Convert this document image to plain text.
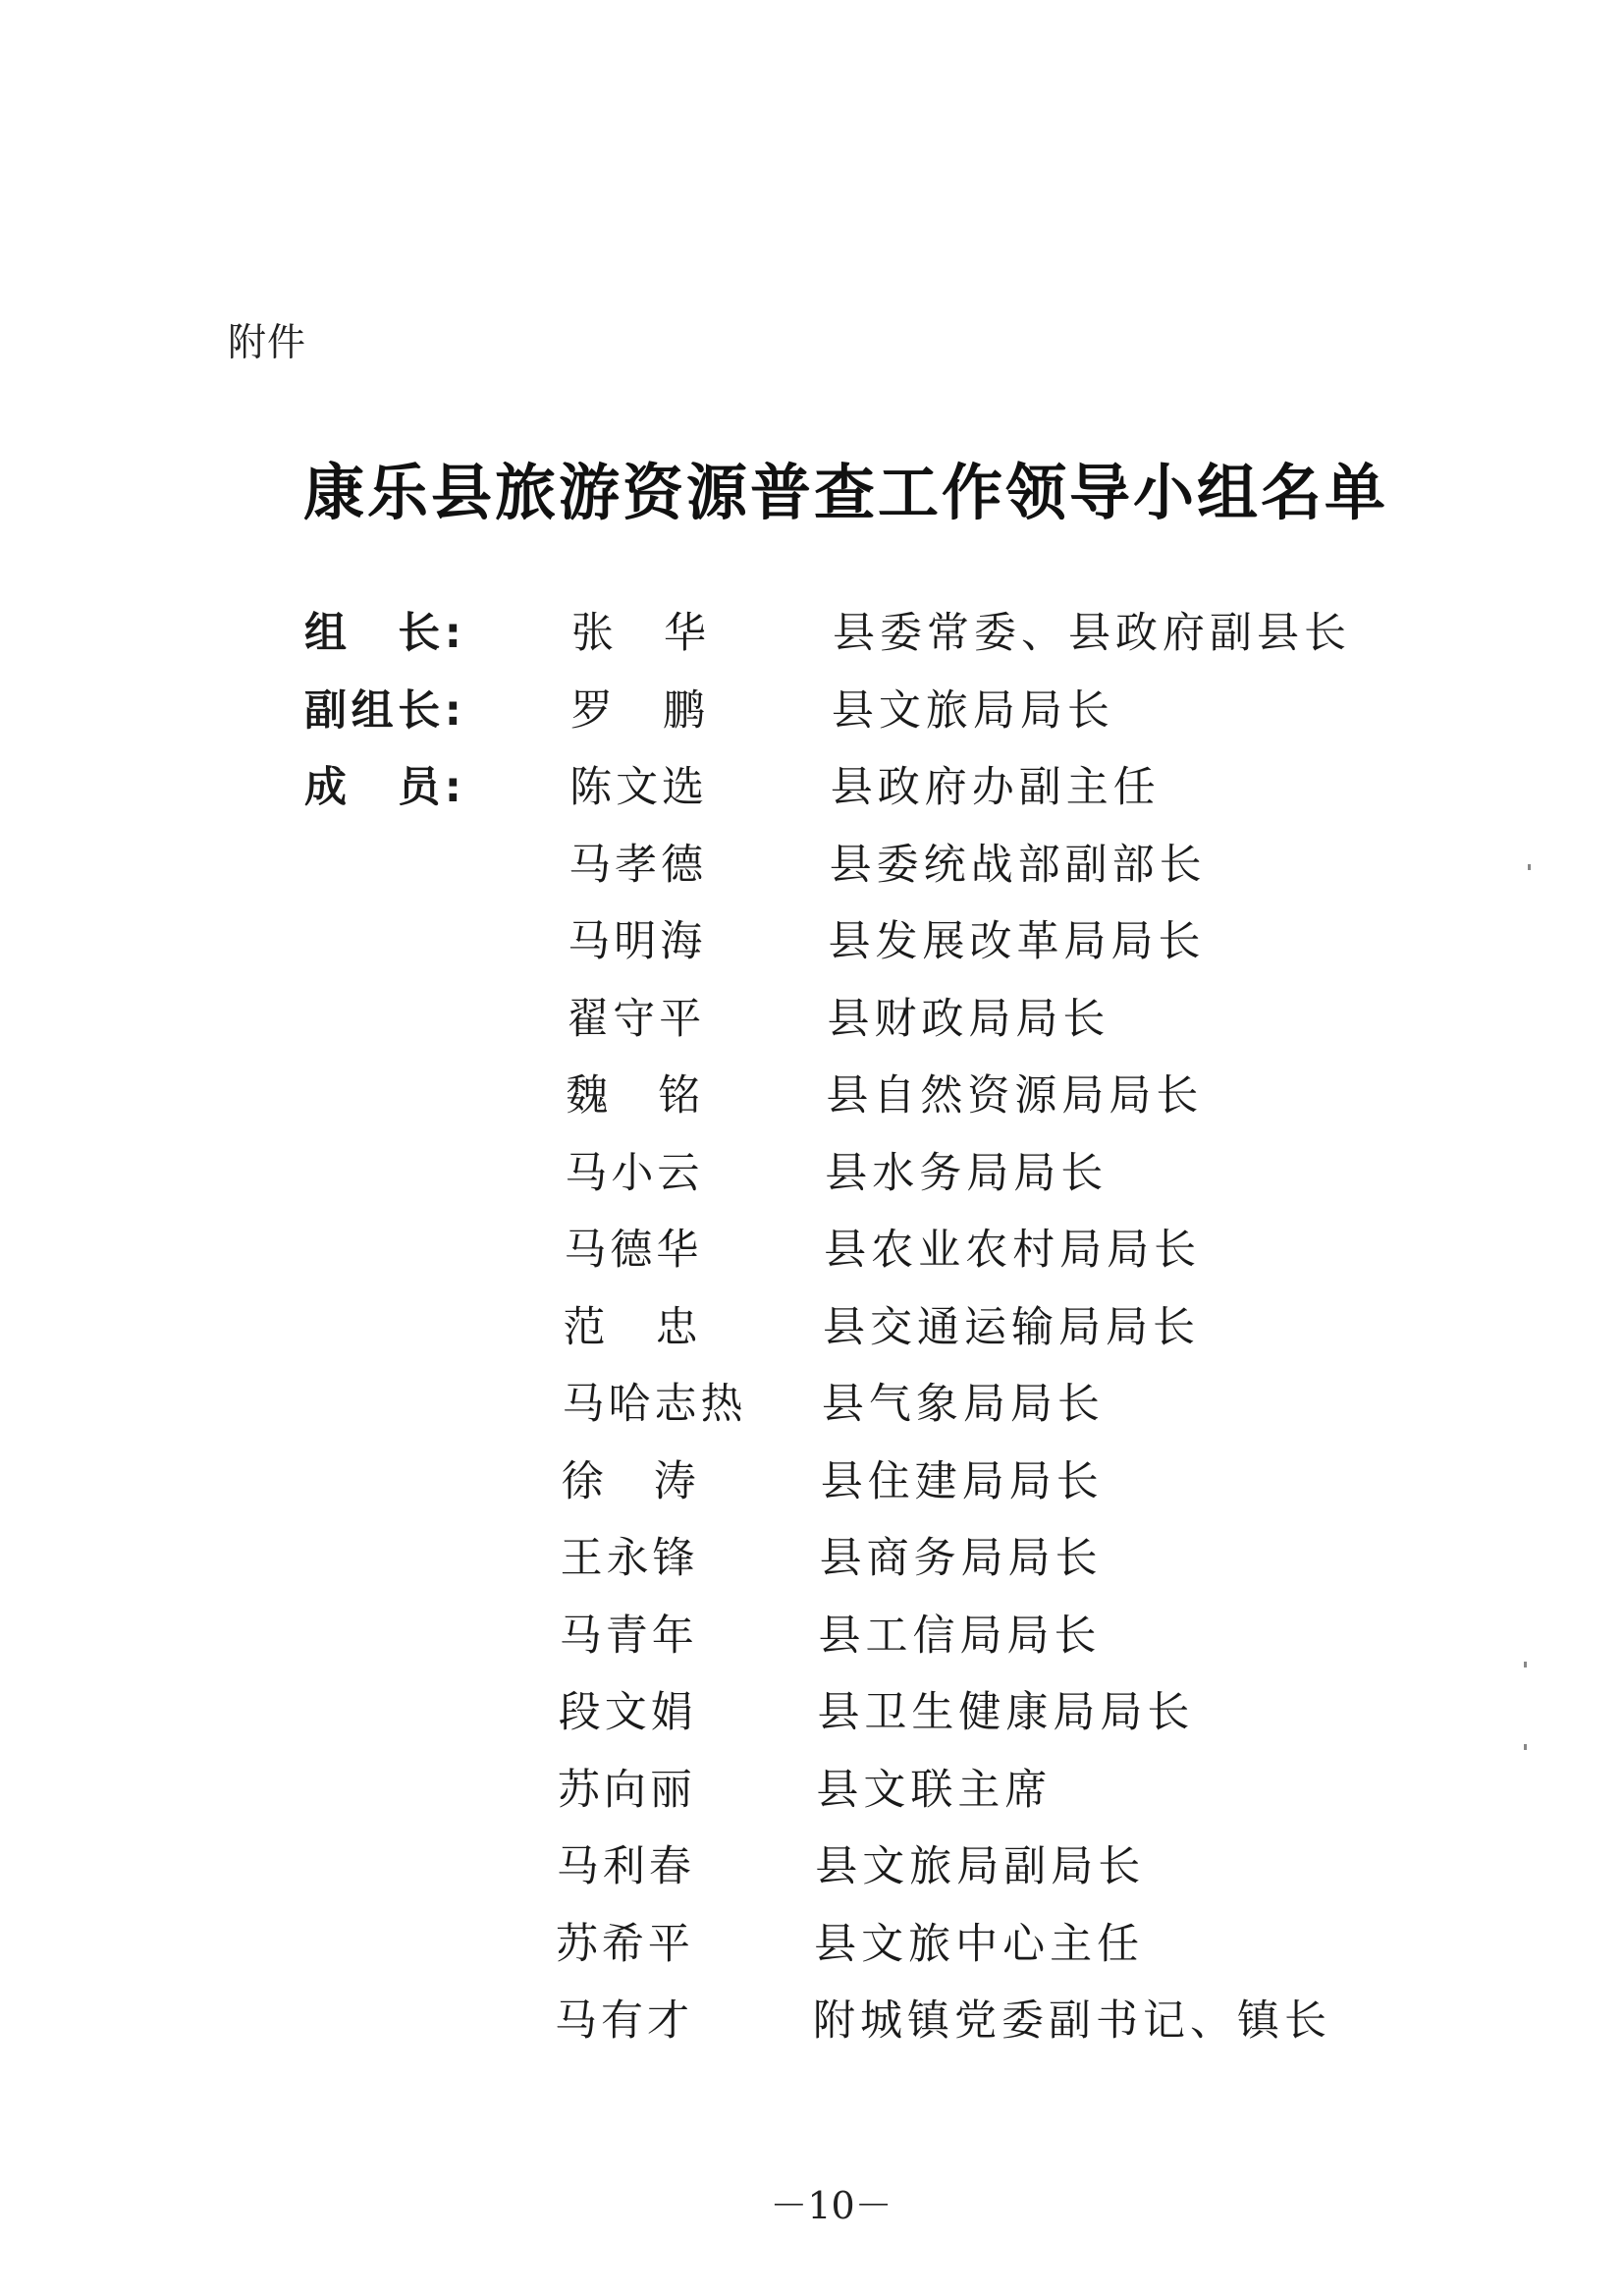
附件
康乐县旅游资源普查工作领导小组名单
组　长:	张　华	县委常委、县政府副县长
副组长:	罗　鹏	县文旅局局长
成　员:	陈文选	县政府办副主任
马孝德	县委统战部副部长
马明海	县发展改革局局长
翟守平	县财政局局长
魏　铭	县自然资源局局长
马小云	县水务局局长
马德华	县农业农村局局长
范　忠	县交通运输局局长
马哈志热 县气象局局长
徐　涛	县住建局局长
王永锋	县商务局局长
马青年	县工信局局长
段文娟	县卫生健康局局长
苏向丽	县文联主席
马利春	县文旅局副局长
苏希平	县文旅中心主任
马有才	附城镇党委副书记、镇长
－10－
